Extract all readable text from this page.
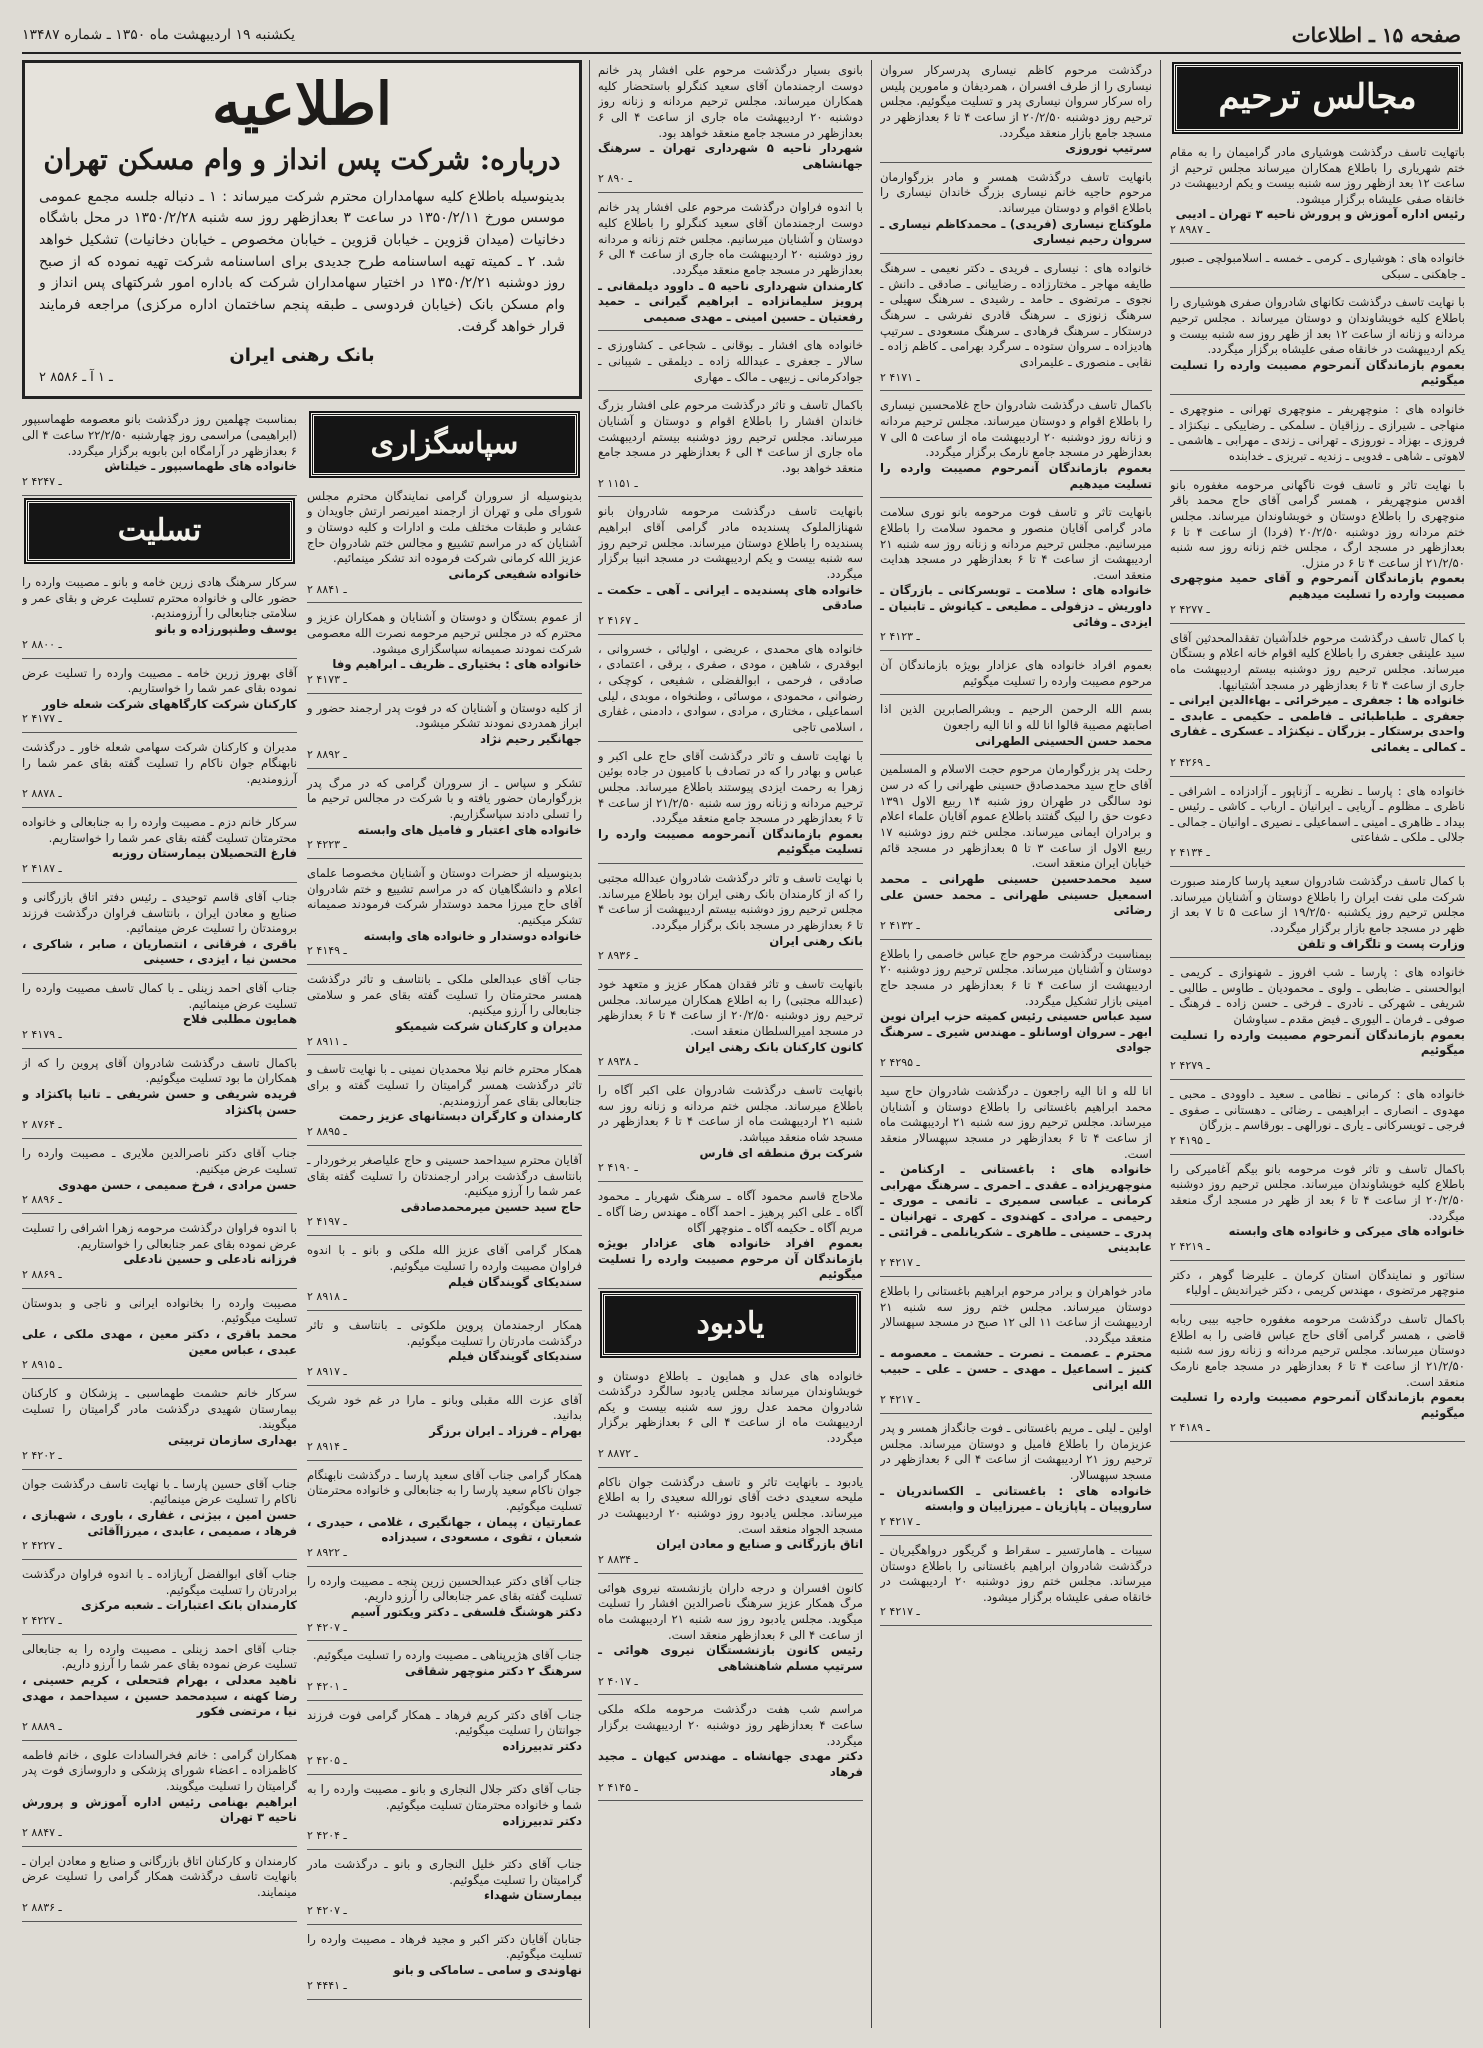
صفحه ۱۵ ـ اطلاعات
یکشنبه ۱۹ اردیبهشت ماه ۱۳۵۰ ـ شماره ۱۳۴۸۷
مجالس ترحیم
باتهایت تاسف درگذشت هوشیاری مادر گرامیمان را به مقام ختم شهریاری را باطلاع همکاران میرساند مجلس ترحیم از ساعت ۱۲ بعد ازظهر روز سه شنبه بیست و یکم اردیبهشت در خانقاه صفی علیشاه برگزار میشود.
رئیس اداره آموزش و پرورش ناحیه ۳ تهران ـ ادیبی
۲ ـ ۸۹۸۷
خانواده های : هوشیاری ـ کرمی ـ خمسه ـ اسلامبولچی ـ صبور ـ جاهکنی ـ سبکی
با نهایت تاسف درگذشت تکانهای شادروان صفری هوشیاری را باطلاع کلیه خویشاوندان و دوستان میرساند . مجلس ترحیم مردانه و زنانه از ساعت ۱۲ بعد از ظهر روز سه شنبه بیست و یکم اردیبهشت در خانقاه صفی علیشاه برگزار میگردد.
بعموم بازماندگان آنمرحوم مصیبت وارده را تسلیت میگوئیم
خانواده های : منوچهریفر ـ منوچهری تهرانی ـ منوچهری ـ منهاجی ـ شیرازی ـ رزاقیان ـ سلمکی ـ رضاییکی ـ نیکنژاد ـ فروزی ـ بهزاد ـ نوروزی ـ تهرانی ـ زندی ـ مهرابی ـ هاشمی ـ لاهوتی ـ شاهی ـ فدویی ـ زندیه ـ تبریزی ـ خدابنده
با نهایت تاثر و تاسف فوت ناگهانی مرحومه مغفوره بانو اقدس منوچهریفر ، همسر گرامی آقای حاج محمد باقر منوچهری را باطلاع دوستان و خویشاوندان میرساند. مجلس ختم مردانه روز دوشنبه ۲۰/۲/۵۰ (فردا) از ساعت ۴ تا ۶ بعدازظهر در مسجد ارگ ، مجلس ختم زنانه روز سه شنبه ۲۱/۲/۵۰ از ساعت ۴ تا ۶ در منزل.
بعموم بازماندگان آنمرحوم و آقای حمید منوچهری مصیبت وارده را تسلیت میدهیم
۲ ـ ۴۲۷۷
با کمال تاسف درگذشت مرحوم خلدآشیان تفقدالمحدثین آقای سید علینقی جعفری را باطلاع کلیه اقوام خانه اعلام و بستگان میرساند. مجلس ترحیم روز دوشنبه بیستم اردیبهشت ماه جاری از ساعت ۴ تا ۶ بعدازظهر در مسجد آشتیانیها.
خانواده ها : جعفری ـ میرخرائی ـ بهاءالدین ایرانی ـ جعفری ـ طباطبائی ـ فاطمی ـ حکیمی ـ عابدی ـ واحدی برستکار ـ بزرگان ـ نیکنژاد ـ عسکری ـ غفاری ـ کمالی ـ یغمائی
۲ ـ ۴۲۶۹
خانواده های : پارسا ـ نظریه ـ آزناپور ـ آزادزاده ـ اشرافی ـ ناظری ـ مظلوم ـ آریایی ـ ایرانیان ـ ارباب ـ کاشی ـ رئیس ـ بیداد ـ ظاهری ـ امینی ـ اسماعیلی ـ نصیری ـ اوانیان ـ جمالی ـ جلالی ـ ملکی ـ شفاعتی
۲ ـ ۴۱۳۴
با کمال تاسف درگذشت شادروان سعید پارسا کارمند صبورت شرکت ملی نفت ایران را باطلاع دوستان و آشنایان میرساند. مجلس ترحیم روز یکشنبه ۱۹/۲/۵۰ از ساعت ۵ تا ۷ بعد از ظهر در مسجد جامع بازار برگزار میگردد.
وزارت پست و تلگراف و تلفن
خانواده های : پارسا ـ شب افروز ـ شهنوازی ـ کریمی ـ ابوالحسنی ـ ضابطی ـ ولوی ـ محمودیان ـ طاوس ـ طالبی ـ شریفی ـ شهرکی ـ نادری ـ فرخی ـ حسن زاده ـ فرهنگ ـ صوفی ـ فرمان ـ الیوری ـ فیض مقدم ـ سیاوشان
بعموم بازماندگان آنمرحوم مصیبت وارده را تسلیت میگوئیم
۲ ـ ۴۲۷۹
خانواده های : کرمانی ـ نظامی ـ سعید ـ داوودی ـ محبی ـ مهدوی ـ انصاری ـ ابراهیمی ـ رضائی ـ دهستانی ـ صفوی ـ فرجی ـ تویسرکانی ـ یاری ـ نورالهی ـ بورقاسم ـ بزرگان
۲ ـ ۴۱۹۵
باکمال تاسف و تاثر فوت مرحومه بانو بیگم آغامیرکی را باطلاع کلیه خویشاوندان میرساند. مجلس ترحیم روز دوشنبه ۲۰/۲/۵۰ از ساعت ۴ تا ۶ بعد از ظهر در مسجد ارگ منعقد میگردد.
خانواده های میرکی و خانواده های وابسته
۲ ـ ۴۲۱۹
سناتور و نمایندگان استان کرمان ـ علیرضا گوهر ، دکتر منوچهر مرتضوی ، مهندس کریمی ، دکتر خیراندیش ـ اولیاء
باکمال تاسف درگذشت مرحومه مغفوره حاجیه بیبی ربابه قاضی ، همسر گرامی آقای حاج عباس قاضی را به اطلاع دوستان میرساند. مجلس ترحیم مردانه و زنانه روز سه شنبه ۲۱/۲/۵۰ از ساعت ۴ تا ۶ بعدازظهر در مسجد جامع نارمک منعقد است.
بعموم بازماندگان آنمرحوم مصیبت وارده را تسلیت میگوئیم
۲ ـ ۴۱۸۹
درگذشت مرحوم کاظم نیساری پدرسرکار سروان نیساری را از طرف افسران ، همردیفان و مامورین پلیس راه سرکار سروان نیساری پدر و تسلیت میگوئیم. مجلس ترحیم روز دوشنبه ۲۰/۲/۵۰ از ساعت ۴ تا ۶ بعدازظهر در مسجد جامع بازار منعقد میگردد.
سرتیپ نوروزی
بانهایت تاسف درگذشت همسر و مادر بزرگوارمان مرحوم حاجیه خانم نیساری بزرگ خاندان نیساری را باطلاع اقوام و دوستان میرساند.
ملوکتاج نیساری (فریدی) ـ محمدکاظم نیساری ـ سروان رحیم نیساری
خانواده های : نیساری ـ فریدی ـ دکتر نعیمی ـ سرهنگ طایفه مهاجر ـ مختارزاده ـ رضاییانی ـ صادقی ـ دانش ـ نجوی ـ مرتضوی ـ حامد ـ رشیدی ـ سرهنگ سهیلی ـ سرهنگ زنوزی ـ سرهنگ قادری نفرشی ـ سرهنگ درستکار ـ سرهنگ فرهادی ـ سرهنگ مسعودی ـ سرتیپ هادیزاده ـ سروان ستوده ـ سرگرد بهرامی ـ کاظم زاده ـ نقابی ـ منصوری ـ علیمرادی
۲ ـ ۴۱۷۱
باکمال تاسف درگذشت شادروان حاج غلامحسین نیساری را باطلاع اقوام و دوستان میرساند. مجلس ترحیم مردانه و زنانه روز دوشنبه ۲۰ اردیبهشت ماه از ساعت ۵ الی ۷ بعدازظهر در مسجد جامع نارمک برگزار میگردد.
بعموم بازماندگان آنمرحوم مصیبت وارده را تسلیت میدهیم
بانهایت تاثر و تاسف فوت مرحومه بانو نوری سلامت مادر گرامی آقایان منصور و محمود سلامت را باطلاع میرسانیم. مجلس ترحیم مردانه و زنانه روز سه شنبه ۲۱ اردیبهشت از ساعت ۴ تا ۶ بعدازظهر در مسجد هدایت منعقد است.
خانواده های : سلامت ـ توبسرکانی ـ بازرگان ـ داوریش ـ دزفولی ـ مطیعی ـ کیانوش ـ تابنیان ـ ایزدی ـ وفائی
۲ ـ ۴۱۲۳
بعموم افراد خانواده های عزادار بویژه بازماندگان آن مرحوم مصیبت وارده را تسلیت میگوئیم
بسم الله الرحمن الرحیم ـ وبشرالصابرین الذین اذا اصابتهم مصیبة قالوا انا لله و انا الیه راجعون
محمد حسن الحسینی الطهرانی
رحلت پدر بزرگوارمان مرحوم حجت الاسلام و المسلمین آقای حاج سید محمدصادق حسینی طهرانی را که در سن نود سالگی در طهران روز شنبه ۱۴ ربیع الاول ۱۳۹۱ دعوت حق را لبیک گفتند باطلاع عموم آقایان علماء اعلام و برادران ایمانی میرساند. مجلس ختم روز دوشنبه ۱۷ ربیع الاول از ساعت ۳ تا ۵ بعدازظهر در مسجد قائم خیابان ایران منعقد است.
سید محمدحسین حسینی طهرانی ـ محمد اسمعیل حسینی طهرانی ـ محمد حسن علی رضائی
۲ ـ ۴۱۳۲
بیمناسبت درگذشت مرحوم حاج عباس خاصمی را باطلاع دوستان و آشنایان میرساند. مجلس ترحیم روز دوشنبه ۲۰ اردیبهشت از ساعت ۴ تا ۶ بعدازظهر در مسجد حاج امینی بازار تشکیل میگردد.
سید عباس حسینی رئیس کمیته حزب ایران نوین ابهر ـ سروان اوسانلو ـ مهندس شیری ـ سرهنگ جوادی
۲ ـ ۴۲۹۵
انا لله و انا الیه راجعون ـ درگذشت شادروان حاج سید محمد ابراهیم باغستانی را باطلاع دوستان و آشنایان میرساند. مجلس ترحیم روز سه شنبه ۲۱ اردیبهشت ماه از ساعت ۴ تا ۶ بعدازظهر در مسجد سپهسالار منعقد است.
خانواده های : باغستانی ـ ارکنامن ـ منوچهریزاده ـ عقدی ـ احمری ـ سرهنگ مهرابی کرمانی ـ عباسی سمیری ـ تاتمی ـ موری ـ رحیمی ـ مرادی ـ کهندوی ـ کهری ـ تهرانیان ـ پدری ـ حسینی ـ طاهری ـ شکریانلمی ـ قرائتی ـ عابدینی
۲ ـ ۴۲۱۷
مادر خواهران و برادر مرحوم ابراهیم باغستانی را باطلاع دوستان میرساند. مجلس ختم روز سه شنبه ۲۱ اردیبهشت از ساعت ۱۱ الی ۱۲ صبح در مسجد سپهسالار منعقد میگردد.
محترم ـ عصمت ـ نصرت ـ حشمت ـ معصومه ـ کنیز ـ اسماعیل ـ مهدی ـ حسن ـ علی ـ حبیب الله ایرانی
۲ ـ ۴۲۱۷
اولین ـ لیلی ـ مریم باغستانی ـ فوت جانگداز همسر و پدر عزیزمان را باطلاع فامیل و دوستان میرساند. مجلس ترحیم روز ۲۱ اردیبهشت از ساعت ۴ الی ۶ بعدازظهر در مسجد سپهسالار.
خانواده های : باغستانی ـ الکساندریان ـ ساروپیان ـ پاپازیان ـ میرزاییان و وابسته
۲ ـ ۴۲۱۷
سیبات ـ هامارتسیر ـ سقراط و گریگور درواهگیریان ـ درگذشت شادروان ابراهیم باغستانی را باطلاع دوستان میرساند. مجلس ختم روز دوشنبه ۲۰ اردیبهشت در خانقاه صفی علیشاه برگزار میشود.
۲ ـ ۴۲۱۷
بانوی بسیار درگذشت مرحوم علی افشار پدر خانم دوست ارجمندمان آقای سعید کنگرلو باستحضار کلیه همکاران میرساند. مجلس ترحیم مردانه و زنانه روز دوشنبه ۲۰ اردیبهشت ماه جاری از ساعت ۴ الی ۶ بعدازظهر در مسجد جامع منعقد خواهد بود.
شهردار ناحیه ۵ شهرداری تهران ـ سرهنگ جهانشاهی
۲ ـ ۸۹۰
با اندوه فراوان درگذشت مرحوم علی افشار پدر خانم دوست ارجمندمان آقای سعید کنگرلو را باطلاع کلیه دوستان و آشنایان میرسانیم. مجلس ختم زنانه و مردانه روز دوشنبه ۲۰ اردیبهشت ماه جاری از ساعت ۴ الی ۶ بعدازظهر در مسجد جامع منعقد میگردد.
کارمندان شهرداری ناحیه ۵ ـ داوود دیلمقانی ـ پرویز سلیمانزاده ـ ابراهیم گیرانی ـ حمید رفعتیان ـ حسین امینی ـ مهدی صمیمی
خانواده های افشار ـ بوقانی ـ شجاعی ـ کشاورزی ـ سالار ـ جعفری ـ عبدالله زاده ـ دیلمقی ـ شیبانی ـ جوادکرمانی ـ زبیهی ـ مالک ـ مهاری
باکمال تاسف و تاثر درگذشت مرحوم علی افشار بزرگ خاندان افشار را باطلاع اقوام و دوستان و آشنایان میرساند. مجلس ترحیم روز دوشنبه بیستم اردیبهشت ماه جاری از ساعت ۴ الی ۶ بعدازظهر در مسجد جامع منعقد خواهد بود.
۲ ـ ۱۱۵۱
بانهایت تاسف درگذشت مرحومه شادروان بانو شهنازالملوک پسندیده مادر گرامی آقای ابراهیم پسندیده را باطلاع دوستان میرساند. مجلس ترحیم روز سه شنبه بیست و یکم اردیبهشت در مسجد انبیا برگزار میگردد.
خانواده های پسندیده ـ ایرانی ـ آهی ـ حکمت ـ صادقی
۲ ـ ۴۱۶۷
خانواده های محمدی ، عریضی ، اولیائی ، خسروانی ، ابوقدری ، شاهین ، مودی ، صفری ، برقی ، اعتمادی ، صادقی ، فرحمی ، ابوالفضلی ، شفیعی ، کوچکی ، رضوانی ، محمودی ، موسائی ، وطنخواه ، موبدی ، لیلی اسماعیلی ، مختاری ، مرادی ، سوادی ، دادمنی ، غفاری ، اسلامی تاجی
با نهایت تاسف و تاثر درگذشت آقای حاج علی اکبر و عباس و بهادر را که در تصادف با کامیون در جاده بوئین زهرا به رحمت ایزدی پیوستند باطلاع میرساند. مجلس ترحیم مردانه و زنانه روز سه شنبه ۲۱/۲/۵۰ از ساعت ۴ تا ۶ بعدازظهر در مسجد جامع منعقد میگردد.
بعموم بازماندگان آنمرحومه مصیبت وارده را تسلیت میگوئیم
با نهایت تاسف و تاثر درگذشت شادروان عبدالله مجتبی را که از کارمندان بانک رهنی ایران بود باطلاع میرساند. مجلس ترحیم روز دوشنبه بیستم اردیبهشت از ساعت ۴ تا ۶ بعدازظهر در مسجد بانک برگزار میگردد.
بانک رهنی ایران
۲ ـ ۸۹۳۶
بانهایت تاسف و تاثر فقدان همکار عزیز و متعهد خود (عبدالله مجتبی) را به اطلاع همکاران میرساند. مجلس ترحیم روز دوشنبه ۲۰/۲/۵۰ از ساعت ۴ تا ۶ بعدازظهر در مسجد امیرالسلطان منعقد است.
کانون کارکنان بانک رهنی ایران
۲ ـ ۸۹۳۸
بانهایت تاسف درگذشت شادروان علی اکبر آگاه را باطلاع میرساند. مجلس ختم مردانه و زنانه روز سه شنبه ۲۱ اردیبهشت ماه از ساعت ۴ تا ۶ بعدازظهر در مسجد شاه منعقد میباشد.
شرکت برق منطقه ای فارس
۲ ـ ۴۱۹۰
ملاحاج قاسم محمود آگاه ـ سرهنگ شهریار ـ محمود آگاه ـ علی اکبر پرهیز ـ احمد آگاه ـ مهندس رضا آگاه ـ مریم آگاه ـ حکیمه آگاه ـ منوچهر آگاه
بعموم افراد خانواده های عزادار بویژه بازماندگان آن مرحوم مصیبت وارده را تسلیت میگوئیم
یادبود
خانواده های عدل و همایون ـ باطلاع دوستان و خویشاوندان میرساند مجلس یادبود سالگرد درگذشت شادروان محمد عدل روز سه شنبه بیست و یکم اردیبهشت ماه از ساعت ۴ الی ۶ بعدازظهر برگزار میگردد.
۲ ـ ۸۸۷۲
یادبود ـ بانهایت تاثر و تاسف درگذشت جوان ناکام ملیحه سعیدی دخت آقای نورالله سعیدی را به اطلاع میرساند. مجلس یادبود روز دوشنبه ۲۰ اردیبهشت در مسجد الجواد منعقد است.
اتاق بازرگانی و صنایع و معادن ایران
۲ ـ ۸۸۳۴
کانون افسران و درجه داران بازنشسته نیروی هوائی مرگ همکار عزیز سرهنگ ناصرالدین افشار را تسلیت میگوید. مجلس یادبود روز سه شنبه ۲۱ اردیبهشت ماه از ساعت ۴ الی ۶ بعدازظهر منعقد است.
رئیس کانون بازنشستگان نیروی هوائی ـ سرتیپ مسلم شاهنشاهی
۲ ـ ۴۰۱۷
مراسم شب هفت درگذشت مرحومه ملکه ملکی ساعت ۴ بعدازظهر روز دوشنبه ۲۰ اردیبهشت برگزار میگردد.
دکتر مهدی جهانشاه ـ مهندس کیهان ـ مجید فرهاد
۲ ـ ۴۱۴۵
اطلاعیه
درباره: شرکت پس انداز و وام مسکن تهران
بدینوسیله باطلاع کلیه سهامداران محترم شرکت میرساند : ۱ ـ دنباله جلسه مجمع عمومی موسس مورخ ۱۳۵۰/۲/۱۱ در ساعت ۳ بعدازظهر روز سه شنبه ۱۳۵۰/۲/۲۸ در محل باشگاه دخانیات (میدان قزوین ـ خیابان قزوین ـ خیابان مخصوص ـ خیابان دخانیات) تشکیل خواهد شد. ۲ ـ کمیته تهیه اساسنامه طرح جدیدی برای اساسنامه شرکت تهیه نموده که از صبح روز دوشنبه ۱۳۵۰/۲/۲۱ در اختیار سهامداران شرکت که باداره امور شرکتهای پس انداز و وام مسکن بانک (خیابان فردوسی ـ طبقه پنجم ساختمان اداره مرکزی) مراجعه فرمایند قرار خواهد گرفت.
بانک رهنی ایران
۲ ـ ۱ آ ـ ۸۵۸۶
سپاسگزاری
بدینوسیله از سروران گرامی نمایندگان محترم مجلس شورای ملی و تهران از ارجمند امیرنصر ارتش جاویدان و عشایر و طبقات مختلف ملت و ادارات و کلیه دوستان و آشنایان که در مراسم تشییع و مجالس ختم شادروان حاج عزیز الله کرمانی شرکت فرموده اند تشکر مینمائیم.
خانواده شفیعی کرمانی
۲ ـ ۸۸۴۱
از عموم بستگان و دوستان و آشنایان و همکاران عزیز و محترم که در مجلس ترحیم مرحومه نصرت الله معصومی شرکت نمودند صمیمانه سپاسگزاری میشود.
خانواده های : بختیاری ـ ظریف ـ ابراهیم وفا
۲ ـ ۴۱۷۳
از کلیه دوستان و آشنایان که در فوت پدر ارجمند حضور و ابراز همدردی نمودند تشکر میشود.
جهانگیر رحیم نژاد
۲ ـ ۸۸۹۲
تشکر و سپاس ـ از سروران گرامی که در مرگ پدر بزرگوارمان حضور یافته و با شرکت در مجالس ترحیم ما را تسلی دادند سپاسگزاریم.
خانواده های اعتبار و فامیل های وابسته
۲ ـ ۴۲۲۳
بدینوسیله از حضرات دوستان و آشنایان مخصوصا علمای اعلام و دانشگاهیان که در مراسم تشییع و ختم شادروان آقای حاج میرزا محمد دوستدار شرکت فرمودند صمیمانه تشکر میکنیم.
خانواده دوستدار و خانواده های وابسته
۲ ـ ۴۱۴۹
جناب آقای عبدالعلی ملکی ـ بانتاسف و تاثر درگذشت همسر محترمتان را تسلیت گفته بقای عمر و سلامتی جنابعالی را آرزو میکنیم.
مدیران و کارکنان شرکت شیمیکو
۲ ـ ۸۹۱۱
همکار محترم خانم نیلا محمدیان نمینی ـ با نهایت تاسف و تاثر درگذشت همسر گرامیتان را تسلیت گفته و برای جنابعالی بقای عمر آرزومندیم.
کارمندان و کارگران دبستانهای عزیز رحمت
۲ ـ ۸۸۹۵
آقایان محترم سیداحمد حسینی و حاج علیاصغر برخوردار ـ بانتاسف درگذشت برادر ارجمندتان را تسلیت گفته بقای عمر شما را آرزو میکنیم.
حاج سید حسین میرمحمدصادقی
۲ ـ ۴۱۹۷
همکار گرامی آقای عزیز الله ملکی و بانو ـ با اندوه فراوان مصیبت وارده را تسلیت میگوئیم.
سندیکای گویندگان فیلم
۲ ـ ۸۹۱۸
همکار ارجمندمان پروین ملکوتی ـ بانتاسف و تاثر درگذشت مادرتان را تسلیت میگوئیم.
سندیکای گویندگان فیلم
۲ ـ ۸۹۱۷
آقای عزت الله مقبلی وبانو ـ مارا در غم خود شریک بدانید.
بهرام ـ فرزاد ـ ایران برزگر
۲ ـ ۸۹۱۴
همکار گرامی جناب آقای سعید پارسا ـ درگذشت نابهنگام جوان ناکام سعید پارسا را به جنابعالی و خانواده محترمتان تسلیت میگوئیم.
عمارتیان ، پیمان ، جهانگیری ، غلامی ، حیدری ، شعبان ، تقوی ، مسعودی ، سیدزاده
۲ ـ ۸۹۲۲
جناب آقای دکتر عبدالحسین زرین پنجه ـ مصیبت وارده را تسلیت گفته بقای عمر جنابعالی را آرزو داریم.
دکتر هوشنگ فلسفی ـ دکتر ویکتور آسیم
۲ ـ ۴۲۰۷
جناب آقای هژیرپناهی ـ مصیبت وارده را تسلیت میگوئیم.
سرهنگ ۲ دکتر منوچهر شقاقی
۲ ـ ۴۲۰۱
جناب آقای دکتر کریم فرهاد ـ همکار گرامی فوت فرزند جوانتان را تسلیت میگوئیم.
دکتر تدبیرزاده
۲ ـ ۴۲۰۵
جناب آقای دکتر جلال النجاری و بانو ـ مصیبت وارده را به شما و خانواده محترمتان تسلیت میگوئیم.
دکتر تدبیرزاده
۲ ـ ۴۲۰۴
جناب آقای دکتر خلیل النجاری و بانو ـ درگذشت مادر گرامیتان را تسلیت میگوئیم.
بیمارستان شهداء
۲ ـ ۴۲۰۷
جنابان آقایان دکتر اکبر و مجید فرهاد ـ مصیبت وارده را تسلیت میگوئیم.
نهاوندی و سامی ـ ساماکی و بانو
۲ ـ ۴۴۴۱
بمناسبت چهلمین روز درگذشت بانو معصومه طهماسبپور (ابراهیمی) مراسمی روز چهارشنبه ۲۲/۲/۵۰ ساعت ۴ الی ۶ بعدازظهر در آرامگاه ابن بابویه برگزار میگردد.
خانواده های طهماسبپور ـ خیلتاش
۲ ـ ۴۲۴۷
تسلیت
سرکار سرهنگ هادی زرین خامه و بانو ـ مصیبت وارده را حضور عالی و خانواده محترم تسلیت عرض و بقای عمر و سلامتی جنابعالی را آرزومندیم.
یوسف وطنپورزاده و بانو
۲ ـ ۸۸۰۰
آقای بهروز زرین خامه ـ مصیبت وارده را تسلیت عرض نموده بقای عمر شما را خواستاریم.
کارکنان شرکت کارگاههای شرکت شعله خاور
۲ ـ ۴۱۷۷
مدیران و کارکنان شرکت سهامی شعله خاور ـ درگذشت نابهنگام جوان ناکام را تسلیت گفته بقای عمر شما را آرزومندیم.
۲ ـ ۸۸۷۸
سرکار خانم دزم ـ مصیبت وارده را به جنابعالی و خانواده محترمتان تسلیت گفته بقای عمر شما را خواستاریم.
فارغ التحصیلان بیمارستان روزبه
۲ ـ ۴۱۸۷
جناب آقای قاسم توحیدی ـ رئیس دفتر اتاق بازرگانی و صنایع و معادن ایران ، بانتاسف فراوان درگذشت فرزند برومندتان را تسلیت عرض مینمائیم.
باقری ، فرقانی ، انتصاریان ، صابر ، شاکری ، محسن نیا ، ایزدی ، حسینی
جناب آقای احمد زینلی ـ با کمال تاسف مصیبت وارده را تسلیت عرض مینمائیم.
همایون مطلبی فلاح
۲ ـ ۴۱۷۹
باکمال تاسف درگذشت شادروان آقای پروین را که از همکاران ما بود تسلیت میگوئیم.
فریده شریفی و حسن شریفی ـ تانیا پاکنژاد و حسن پاکنژاد
۲ ـ ۸۷۶۴
جناب آقای دکتر ناصرالدین ملایری ـ مصیبت وارده را تسلیت عرض میکنیم.
حسن مرادی ، فرخ صمیمی ، حسن مهدوی
۲ ـ ۸۸۹۶
با اندوه فراوان درگذشت مرحومه زهرا اشرافی را تسلیت عرض نموده بقای عمر جنابعالی را خواستاریم.
فرزانه نادعلی و حسین نادعلی
۲ ـ ۸۸۶۹
مصیبت وارده را بخانواده ایرانی و ناجی و بدوستان تسلیت میگوئیم.
محمد باقری ، دکتر معین ، مهدی ملکی ، علی عبدی ، عباس معین
۲ ـ ۸۹۱۵
سرکار خانم حشمت طهماسبی ـ پزشکان و کارکنان بیمارستان شهیدی درگذشت مادر گرامیتان را تسلیت میگویند.
بهداری سازمان تربیتی
۲ ـ ۴۲۰۲
جناب آقای حسین پارسا ـ با نهایت تاسف درگذشت جوان ناکام را تسلیت عرض مینمائیم.
حسن امین ، بیژنی ، غفاری ، باوری ، شهبازی ، فرهاد ، صمیمی ، عابدی ، میرزاآقائی
۲ ـ ۴۲۲۷
جناب آقای ابوالفضل آریازاده ـ با اندوه فراوان درگذشت برادرتان را تسلیت میگوئیم.
کارمندان بانک اعتبارات ـ شعبه مرکزی
۲ ـ ۴۲۲۷
جناب آقای احمد زینلی ـ مصیبت وارده را به جنابعالی تسلیت عرض نموده بقای عمر شما را آرزو داریم.
ناهید معدلی ، بهرام فتحعلی ، کریم حسینی ، رضا کهنه ، سیدمحمد حسین ، سیداحمد ، مهدی نیا ، مرتضی فکور
۲ ـ ۸۸۸۹
همکاران گرامی : خانم فخرالسادات علوی ، خانم فاطمه کاظمزاده ـ اعضاء شورای پزشکی و داروسازی فوت پدر گرامیتان را تسلیت میگویند.
ابراهیم بهنامی رئیس اداره آموزش و پرورش ناحیه ۳ تهران
۲ ـ ۸۸۴۷
کارمندان و کارکنان اتاق بازرگانی و صنایع و معادن ایران ـ بانهایت تاسف درگذشت همکار گرامی را تسلیت عرض مینمایند.
۲ ـ ۸۸۳۶
